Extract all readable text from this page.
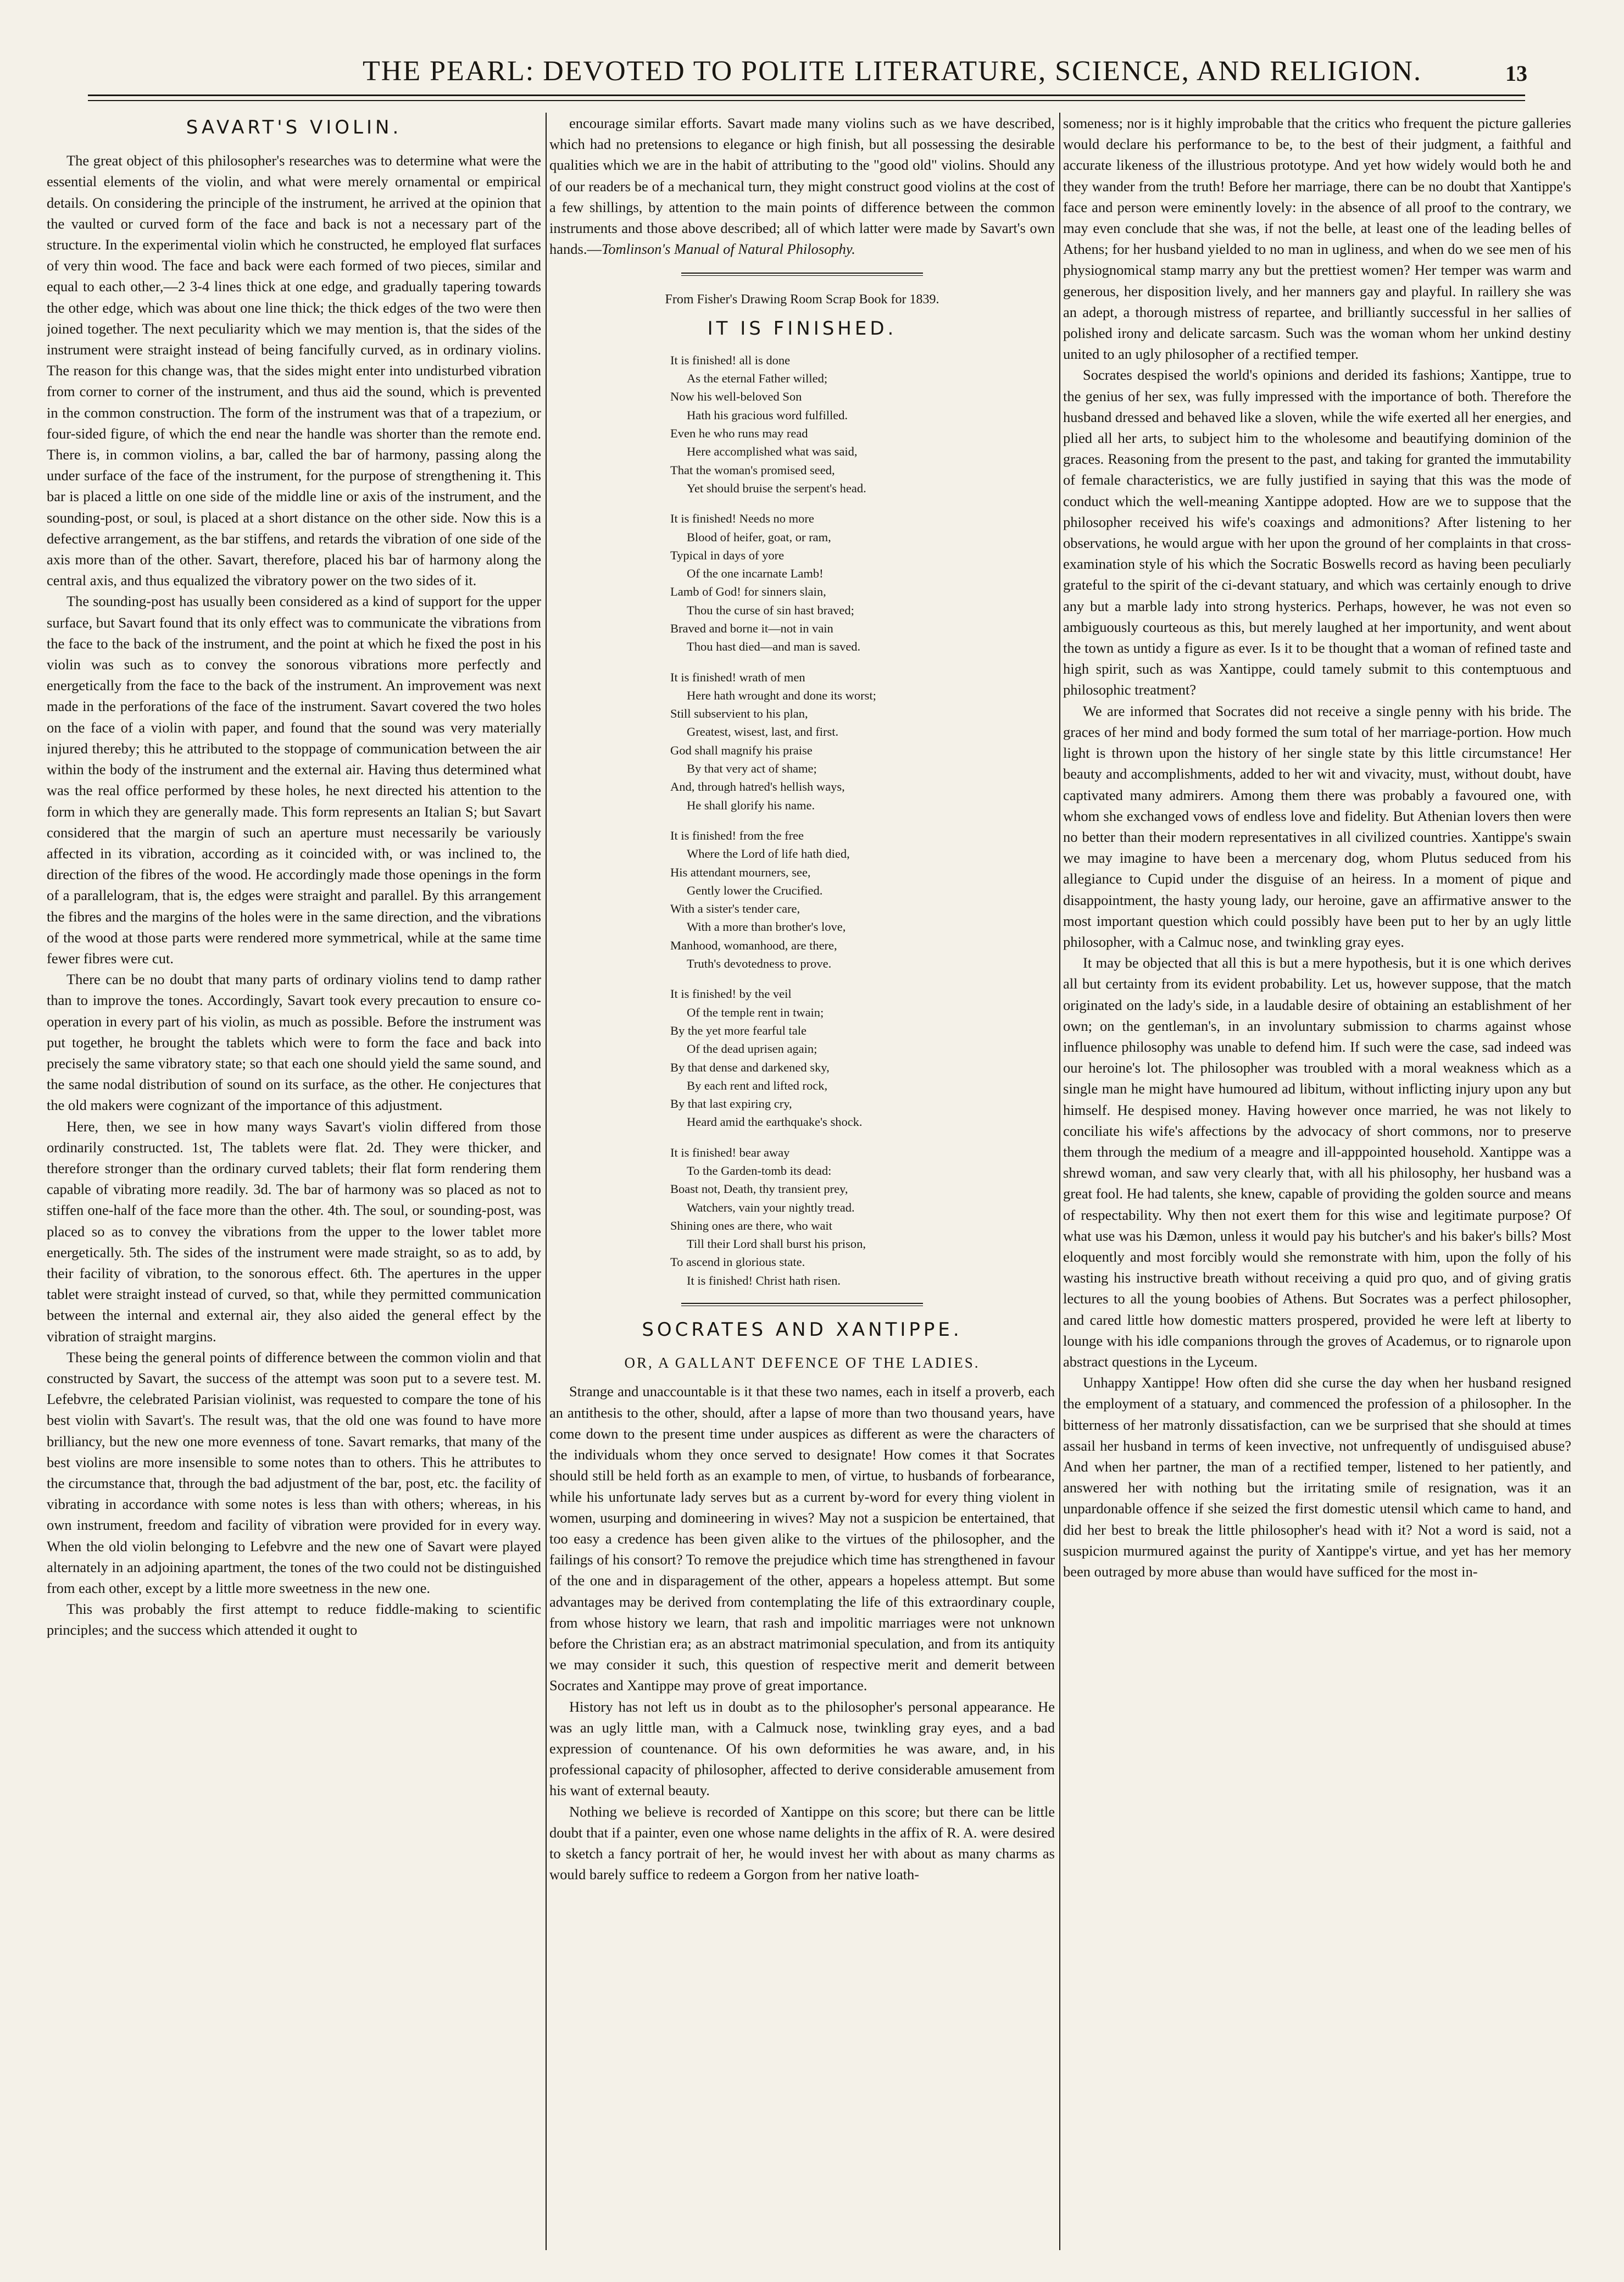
THE PEARL: DEVOTED TO POLITE LITERATURE, SCIENCE, AND RELIGION.	13
SAVART'S VIOLIN.

The great object of this philosopher's researches was to determine what were the essential elements of the violin, and what were merely ornamental or empirical details. On considering the principle of the instrument, he arrived at the opinion that the vaulted or curved form of the face and back is not a necessary part of the structure. In the experimental violin which he constructed, he employed flat surfaces of very thin wood. The face and back were each formed of two pieces, similar and equal to each other,—2 3-4 lines thick at one edge, and gradually tapering towards the other edge, which was about one line thick; the thick edges of the two were then joined together. The next peculiarity which we may mention is, that the sides of the instrument were straight instead of being fancifully curved, as in ordinary violins. The reason for this change was, that the sides might enter into undisturbed vibration from corner to corner of the instrument, and thus aid the sound, which is prevented in the common construction. The form of the instrument was that of a trapezium, or four-sided figure, of which the end near the handle was shorter than the remote end. There is, in common violins, a bar, called the bar of harmony, passing along the under surface of the face of the instrument, for the purpose of strengthening it. This bar is placed a little on one side of the middle line or axis of the instrument, and the sounding-post, or soul, is placed at a short distance on the other side. Now this is a defective arrangement, as the bar stiffens, and retards the vibration of one side of the axis more than of the other. Savart, therefore, placed his bar of harmony along the central axis, and thus equalized the vibratory power on the two sides of it.

The sounding-post has usually been considered as a kind of support for the upper surface, but Savart found that its only effect was to communicate the vibrations from the face to the back of the instrument, and the point at which he fixed the post in his violin was such as to convey the sonorous vibrations more perfectly and energetically from the face to the back of the instrument. An improvement was next made in the perforations of the face of the instrument. Savart covered the two holes on the face of a violin with paper, and found that the sound was very materially injured thereby; this he attributed to the stoppage of communication between the air within the body of the instrument and the external air. Having thus determined what was the real office performed by these holes, he next directed his attention to the form in which they are generally made. This form represents an Italian S; but Savart considered that the margin of such an aperture must necessarily be variously affected in its vibration, according as it coincided with, or was inclined to, the direction of the fibres of the wood. He accordingly made those openings in the form of a parallelogram, that is, the edges were straight and parallel. By this arrangement the fibres and the margins of the holes were in the same direction, and the vibrations of the wood at those parts were rendered more symmetrical, while at the same time fewer fibres were cut.

There can be no doubt that many parts of ordinary violins tend to damp rather than to improve the tones. Accordingly, Savart took every precaution to ensure co-operation in every part of his violin, as much as possible. Before the instrument was put together, he brought the tablets which were to form the face and back into precisely the same vibratory state; so that each one should yield the same sound, and the same nodal distribution of sound on its surface, as the other. He conjectures that the old makers were cognizant of the importance of this adjustment.

Here, then, we see in how many ways Savart's violin differed from those ordinarily constructed. 1st, The tablets were flat. 2d. They were thicker, and therefore stronger than the ordinary curved tablets; their flat form rendering them capable of vibrating more readily. 3d. The bar of harmony was so placed as not to stiffen one-half of the face more than the other. 4th. The soul, or sounding-post, was placed so as to convey the vibrations from the upper to the lower tablet more energetically. 5th. The sides of the instrument were made straight, so as to add, by their facility of vibration, to the sonorous effect. 6th. The apertures in the upper tablet were straight instead of curved, so that, while they permitted communication between the internal and external air, they also aided the general effect by the vibration of straight margins.

These being the general points of difference between the common violin and that constructed by Savart, the success of the attempt was soon put to a severe test. M. Lefebvre, the celebrated Parisian violinist, was requested to compare the tone of his best violin with Savart's. The result was, that the old one was found to have more brilliancy, but the new one more evenness of tone. Savart remarks, that many of the best violins are more insensible to some notes than to others. This he attributes to the circumstance that, through the bad adjustment of the bar, post, etc. the facility of vibrating in accordance with some notes is less than with others; whereas, in his own instrument, freedom and facility of vibration were provided for in every way. When the old violin belonging to Lefebvre and the new one of Savart were played alternately in an adjoining apartment, the tones of the two could not be distinguished from each other, except by a little more sweetness in the new one.

This was probably the first attempt to reduce fiddle-making to scientific principles; and the success which attended it ought to

encourage similar efforts. Savart made many violins such as we have described, which had no pretensions to elegance or high finish, but all possessing the desirable qualities which we are in the habit of attributing to the "good old" violins. Should any of our readers be of a mechanical turn, they might construct good violins at the cost of a few shillings, by attention to the main points of difference between the common instruments and those above described; all of which latter were made by Savart's own hands.—Tomlinson's Manual of Natural Philosophy.

From Fisher's Drawing Room Scrap Book for 1839.
IT IS FINISHED.
It is finished! all is done
As the eternal Father willed;
Now his well-beloved Son
Hath his gracious word fulfilled.
Even he who runs may read
Here accomplished what was said,
That the woman's promised seed,
Yet should bruise the serpent's head.
It is finished! Needs no more
Blood of heifer, goat, or ram,
Typical in days of yore
Of the one incarnate Lamb!
Lamb of God! for sinners slain,
Thou the curse of sin hast braved;
Braved and borne it—not in vain
Thou hast died—and man is saved.
It is finished! wrath of men
Here hath wrought and done its worst;
Still subservient to his plan,
Greatest, wisest, last, and first.
God shall magnify his praise
By that very act of shame;
And, through hatred's hellish ways,
He shall glorify his name.
It is finished! from the free
Where the Lord of life hath died,
His attendant mourners, see,
Gently lower the Crucified.
With a sister's tender care,
With a more than brother's love,
Manhood, womanhood, are there,
Truth's devotedness to prove.
It is finished! by the veil
Of the temple rent in twain;
By the yet more fearful tale
Of the dead uprisen again;
By that dense and darkened sky,
By each rent and lifted rock,
By that last expiring cry,
Heard amid the earthquake's shock.
It is finished! bear away
To the Garden-tomb its dead:
Boast not, Death, thy transient prey,
Watchers, vain your nightly tread.
Shining ones are there, who wait
Till their Lord shall burst his prison,
To ascend in glorious state.
It is finished! Christ hath risen.
SOCRATES AND XANTIPPE.
OR, A GALLANT DEFENCE OF THE LADIES.

Strange and unaccountable is it that these two names, each in itself a proverb, each an antithesis to the other, should, after a lapse of more than two thousand years, have come down to the present time under auspices as different as were the characters of the individuals whom they once served to designate! How comes it that Socrates should still be held forth as an example to men, of virtue, to husbands of forbearance, while his unfortunate lady serves but as a current by-word for every thing violent in women, usurping and domineering in wives? May not a suspicion be entertained, that too easy a credence has been given alike to the virtues of the philosopher, and the failings of his consort? To remove the prejudice which time has strengthened in favour of the one and in disparagement of the other, appears a hopeless attempt. But some advantages may be derived from contemplating the life of this extraordinary couple, from whose history we learn, that rash and impolitic marriages were not unknown before the Christian era; as an abstract matrimonial speculation, and from its antiquity we may consider it such, this question of respective merit and demerit between Socrates and Xantippe may prove of great importance.

History has not left us in doubt as to the philosopher's personal appearance. He was an ugly little man, with a Calmuck nose, twinkling gray eyes, and a bad expression of countenance. Of his own deformities he was aware, and, in his professional capacity of philosopher, affected to derive considerable amusement from his want of external beauty.

Nothing we believe is recorded of Xantippe on this score; but there can be little doubt that if a painter, even one whose name delights in the affix of R. A. were desired to sketch a fancy portrait of her, he would invest her with about as many charms as would barely suffice to redeem a Gorgon from her native loath-

someness; nor is it highly improbable that the critics who frequent the picture galleries would declare his performance to be, to the best of their judgment, a faithful and accurate likeness of the illustrious prototype. And yet how widely would both he and they wander from the truth! Before her marriage, there can be no doubt that Xantippe's face and person were eminently lovely: in the absence of all proof to the contrary, we may even conclude that she was, if not the belle, at least one of the leading belles of Athens; for her husband yielded to no man in ugliness, and when do we see men of his physiognomical stamp marry any but the prettiest women? Her temper was warm and generous, her disposition lively, and her manners gay and playful. In raillery she was an adept, a thorough mistress of repartee, and brilliantly successful in her sallies of polished irony and delicate sarcasm. Such was the woman whom her unkind destiny united to an ugly philosopher of a rectified temper.

Socrates despised the world's opinions and derided its fashions; Xantippe, true to the genius of her sex, was fully impressed with the importance of both. Therefore the husband dressed and behaved like a sloven, while the wife exerted all her energies, and plied all her arts, to subject him to the wholesome and beautifying dominion of the graces. Reasoning from the present to the past, and taking for granted the immutability of female characteristics, we are fully justified in saying that this was the mode of conduct which the well-meaning Xantippe adopted. How are we to suppose that the philosopher received his wife's coaxings and admonitions? After listening to her observations, he would argue with her upon the ground of her complaints in that cross-examination style of his which the Socratic Boswells record as having been peculiarly grateful to the spirit of the ci-devant statuary, and which was certainly enough to drive any but a marble lady into strong hysterics. Perhaps, however, he was not even so ambiguously courteous as this, but merely laughed at her importunity, and went about the town as untidy a figure as ever. Is it to be thought that a woman of refined taste and high spirit, such as was Xantippe, could tamely submit to this contemptuous and philosophic treatment?

We are informed that Socrates did not receive a single penny with his bride. The graces of her mind and body formed the sum total of her marriage-portion. How much light is thrown upon the history of her single state by this little circumstance! Her beauty and accomplishments, added to her wit and vivacity, must, without doubt, have captivated many admirers. Among them there was probably a favoured one, with whom she exchanged vows of endless love and fidelity. But Athenian lovers then were no better than their modern representatives in all civilized countries. Xantippe's swain we may imagine to have been a mercenary dog, whom Plutus seduced from his allegiance to Cupid under the disguise of an heiress. In a moment of pique and disappointment, the hasty young lady, our heroine, gave an affirmative answer to the most important question which could possibly have been put to her by an ugly little philosopher, with a Calmuc nose, and twinkling gray eyes.

It may be objected that all this is but a mere hypothesis, but it is one which derives all but certainty from its evident probability. Let us, however suppose, that the match originated on the lady's side, in a laudable desire of obtaining an establishment of her own; on the gentleman's, in an involuntary submission to charms against whose influence philosophy was unable to defend him. If such were the case, sad indeed was our heroine's lot. The philosopher was troubled with a moral weakness which as a single man he might have humoured ad libitum, without inflicting injury upon any but himself. He despised money. Having however once married, he was not likely to conciliate his wife's affections by the advocacy of short commons, nor to preserve them through the medium of a meagre and ill-apppointed household. Xantippe was a shrewd woman, and saw very clearly that, with all his philosophy, her husband was a great fool. He had talents, she knew, capable of providing the golden source and means of respectability. Why then not exert them for this wise and legitimate purpose? Of what use was his Dæmon, unless it would pay his butcher's and his baker's bills? Most eloquently and most forcibly would she remonstrate with him, upon the folly of his wasting his instructive breath without receiving a quid pro quo, and of giving gratis lectures to all the young boobies of Athens. But Socrates was a perfect philosopher, and cared little how domestic matters prospered, provided he were left at liberty to lounge with his idle companions through the groves of Academus, or to rignarole upon abstract questions in the Lyceum.

Unhappy Xantippe! How often did she curse the day when her husband resigned the employment of a statuary, and commenced the profession of a philosopher. In the bitterness of her matronly dissatisfaction, can we be surprised that she should at times assail her husband in terms of keen invective, not unfrequently of undisguised abuse? And when her partner, the man of a rectified temper, listened to her patiently, and answered her with nothing but the irritating smile of resignation, was it an unpardonable offence if she seized the first domestic utensil which came to hand, and did her best to break the little philosopher's head with it? Not a word is said, not a suspicion murmured against the purity of Xantippe's virtue, and yet has her memory been outraged by more abuse than would have sufficed for the most in-
